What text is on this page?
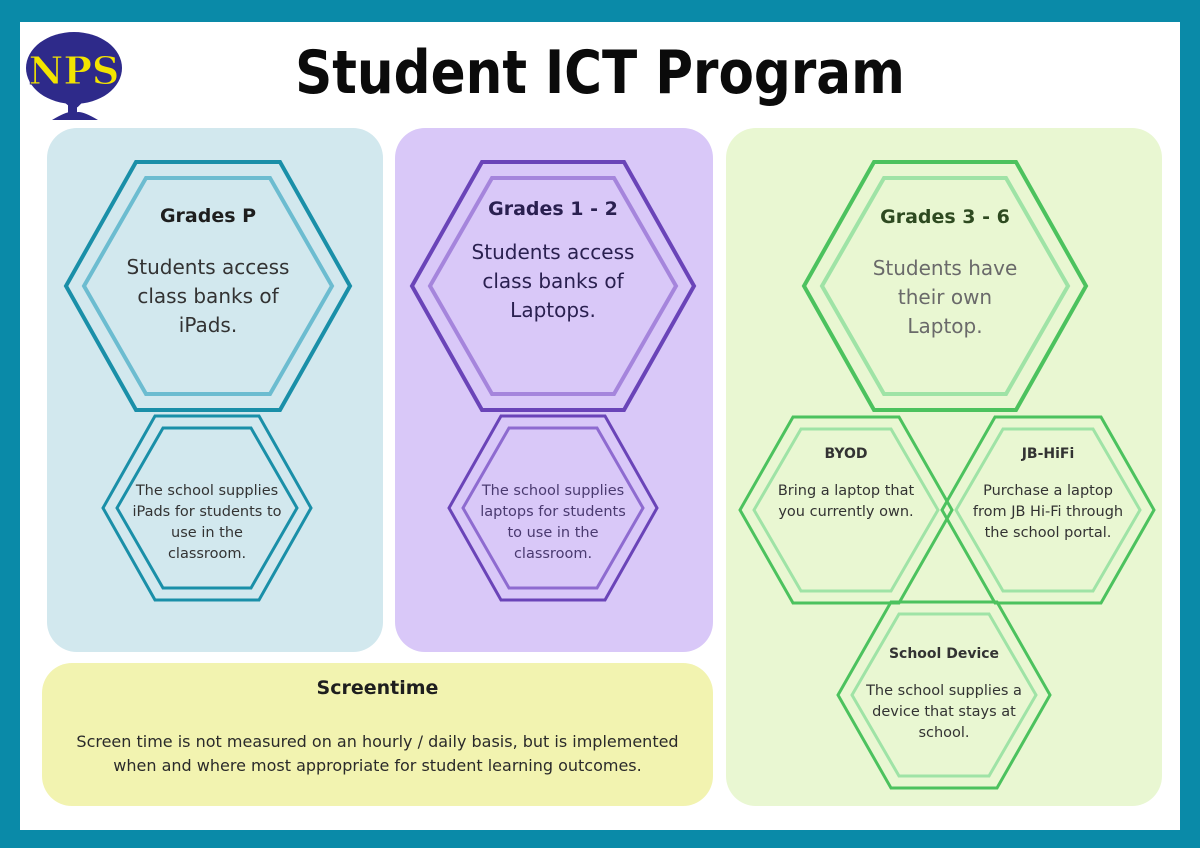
NPS	Student ICT Program
Grades P
Students access class banks of iPads.
The school supplies iPads for students to use in the classroom.
Grades 1 - 2
Students access class banks of Laptops.
The school supplies laptops for students to use in the classroom.
Grades 3 - 6
Students have their own Laptop.
BYOD
Bring a laptop that you currently own.
JB-HiFi
Purchase a laptop from JB Hi-Fi through the school portal.
School Device
The school supplies a device that stays at school.
Screentime
Screen time is not measured on an hourly / daily basis, but is implemented when and where most appropriate for student learning outcomes.
